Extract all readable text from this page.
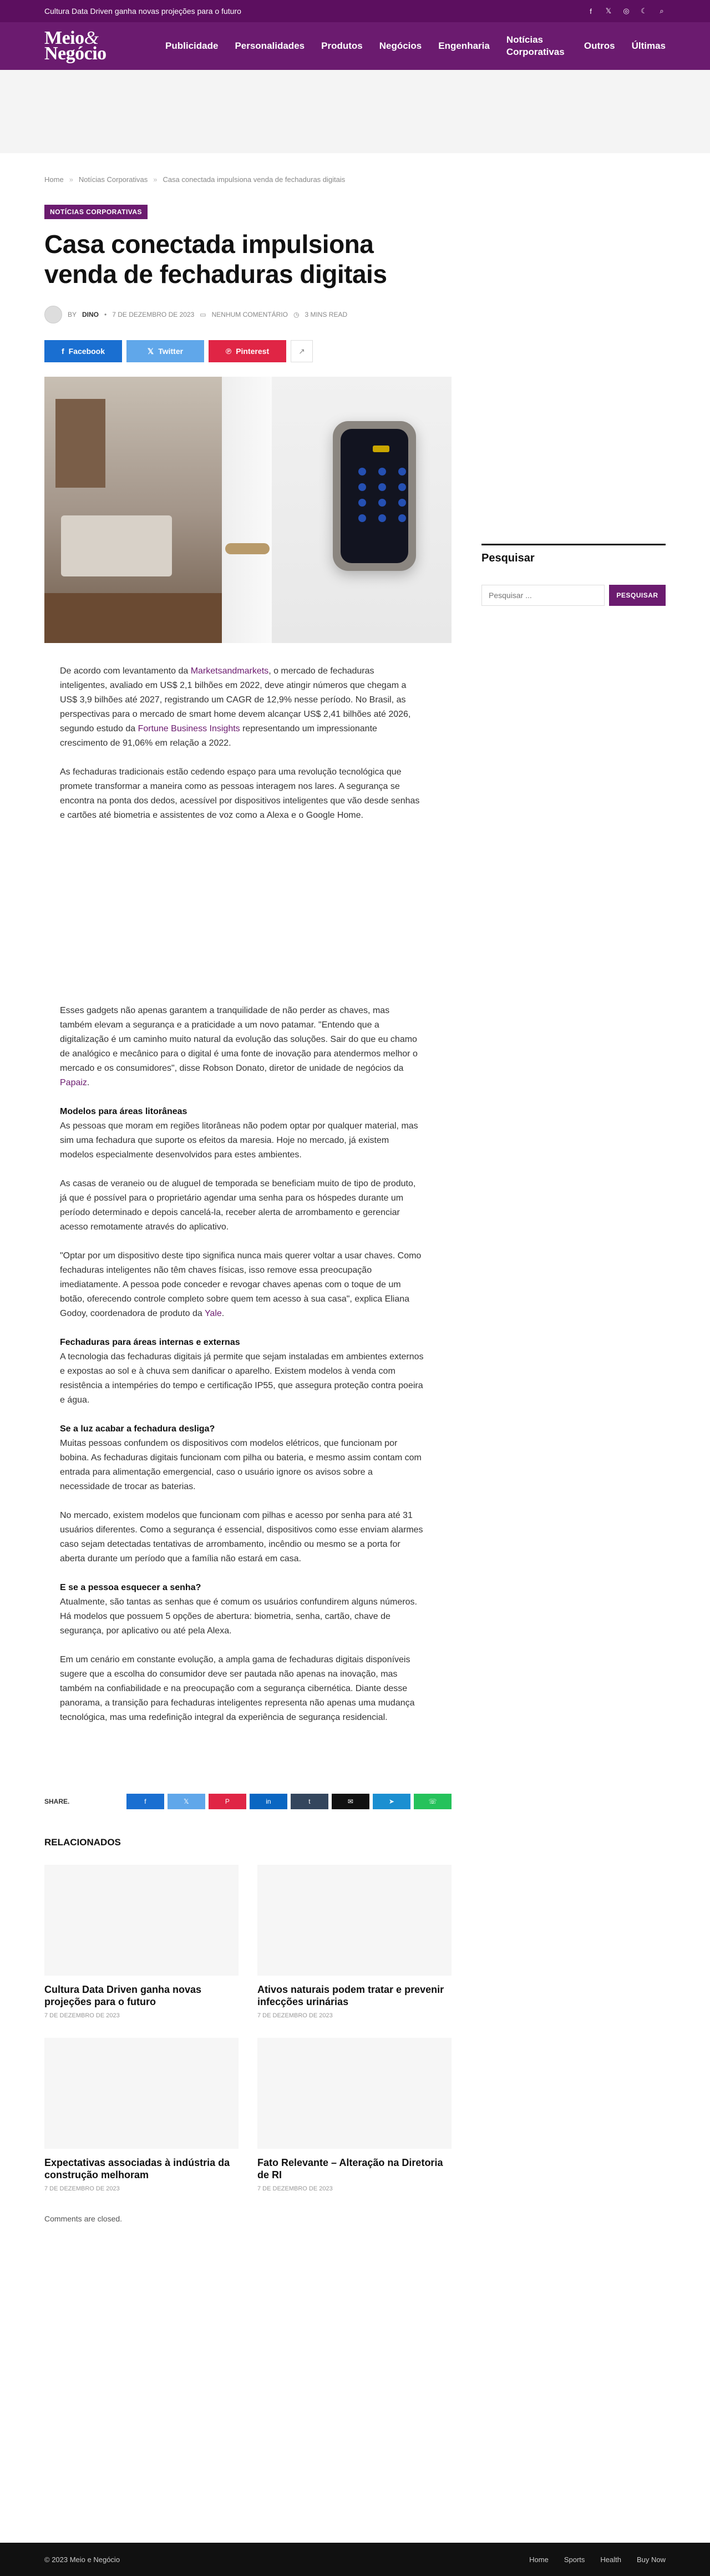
Cultura Data Driven ganha novas projeções para o futuro	f	𝕏 ◎ ☾ ⌕
Meio&
Negócio	Publicidade Personalidades Produtos Negócios Engenharia
Notícias Corporativas
Outros Últimas
Home » Notícias Corporativas » Casa conectada impulsiona venda de fechaduras digitais
NOTÍCIAS CORPORATIVAS
Casa conectada impulsiona venda de fechaduras digitais
BY DINO • 7 DE DEZEMBRO DE 2023 ▭ NENHUM COMENTÁRIO ◷ 3 MINS READ
f Facebook	𝕏 Twitter	℗ Pinterest	↗

De acordo com levantamento da Marketsandmarkets, o mercado de fechaduras inteligentes, avaliado em US$ 2,1 bilhões em 2022, deve atingir números que chegam a US$ 3,9 bilhões até 2027, registrando um CAGR de 12,9% nesse período. No Brasil, as perspectivas para o mercado de smart home devem alcançar US$ 2,41 bilhões até 2026, segundo estudo da Fortune Business Insights representando um impressionante crescimento de 91,06% em relação a 2022.

As fechaduras tradicionais estão cedendo espaço para uma revolução tecnológica que promete transformar a maneira como as pessoas interagem nos lares. A segurança se encontra na ponta dos dedos, acessível por dispositivos inteligentes que vão desde senhas e cartões até biometria e assistentes de voz como a Alexa e o Google Home.

Esses gadgets não apenas garantem a tranquilidade de não perder as chaves, mas também elevam a segurança e a praticidade a um novo patamar. "Entendo que a digitalização é um caminho muito natural da evolução das soluções. Sair do que eu chamo de analógico e mecânico para o digital é uma fonte de inovação para atendermos melhor o mercado e os consumidores", disse Robson Donato, diretor de unidade de negócios da Papaiz.

Modelos para áreas litorâneas

As pessoas que moram em regiões litorâneas não podem optar por qualquer material, mas sim uma fechadura que suporte os efeitos da maresia. Hoje no mercado, já existem modelos especialmente desenvolvidos para estes ambientes.

As casas de veraneio ou de aluguel de temporada se beneficiam muito de tipo de produto, já que é possível para o proprietário agendar uma senha para os hóspedes durante um período determinado e depois cancelá-la, receber alerta de arrombamento e gerenciar acesso remotamente através do aplicativo.

"Optar por um dispositivo deste tipo significa nunca mais querer voltar a usar chaves. Como fechaduras inteligentes não têm chaves físicas, isso remove essa preocupação imediatamente. A pessoa pode conceder e revogar chaves apenas com o toque de um botão, oferecendo controle completo sobre quem tem acesso à sua casa", explica Eliana Godoy, coordenadora de produto da Yale.

Fechaduras para áreas internas e externas

A tecnologia das fechaduras digitais já permite que sejam instaladas em ambientes externos e expostas ao sol e à chuva sem danificar o aparelho. Existem modelos à venda com resistência a intempéries do tempo e certificação IP55, que assegura proteção contra poeira e água.

Se a luz acabar a fechadura desliga?

Muitas pessoas confundem os dispositivos com modelos elétricos, que funcionam por bobina. As fechaduras digitais funcionam com pilha ou bateria, e mesmo assim contam com entrada para alimentação emergencial, caso o usuário ignore os avisos sobre a necessidade de trocar as baterias.

No mercado, existem modelos que funcionam com pilhas e acesso por senha para até 31 usuários diferentes. Como a segurança é essencial, dispositivos como esse enviam alarmes caso sejam detectadas tentativas de arrombamento, incêndio ou mesmo se a porta for aberta durante um período que a família não estará em casa.

E se a pessoa esquecer a senha?

Atualmente, são tantas as senhas que é comum os usuários confundirem alguns números. Há modelos que possuem 5 opções de abertura: biometria, senha, cartão, chave de segurança, por aplicativo ou até pela Alexa.

Em um cenário em constante evolução, a ampla gama de fechaduras digitais disponíveis sugere que a escolha do consumidor deve ser pautada não apenas na inovação, mas também na confiabilidade e na preocupação com a segurança cibernética. Diante desse panorama, a transição para fechaduras inteligentes representa não apenas uma mudança tecnológica, mas uma redefinição integral da experiência de segurança residencial.

SHARE.	f	𝕏	P	in	t	✉	➤	☏
RELACIONADOS
Cultura Data Driven ganha novas projeções para o futuro
7 DE DEZEMBRO DE 2023
Ativos naturais podem tratar e prevenir infecções urinárias
7 DE DEZEMBRO DE 2023
Expectativas associadas à indústria da construção melhoram
7 DE DEZEMBRO DE 2023
Fato Relevante – Alteração na Diretoria de RI
7 DE DEZEMBRO DE 2023
Comments are closed.
Pesquisar
Pesquisar ...
PESQUISAR
© 2023 Meio e Negócio	Home Sports Health Buy Now
